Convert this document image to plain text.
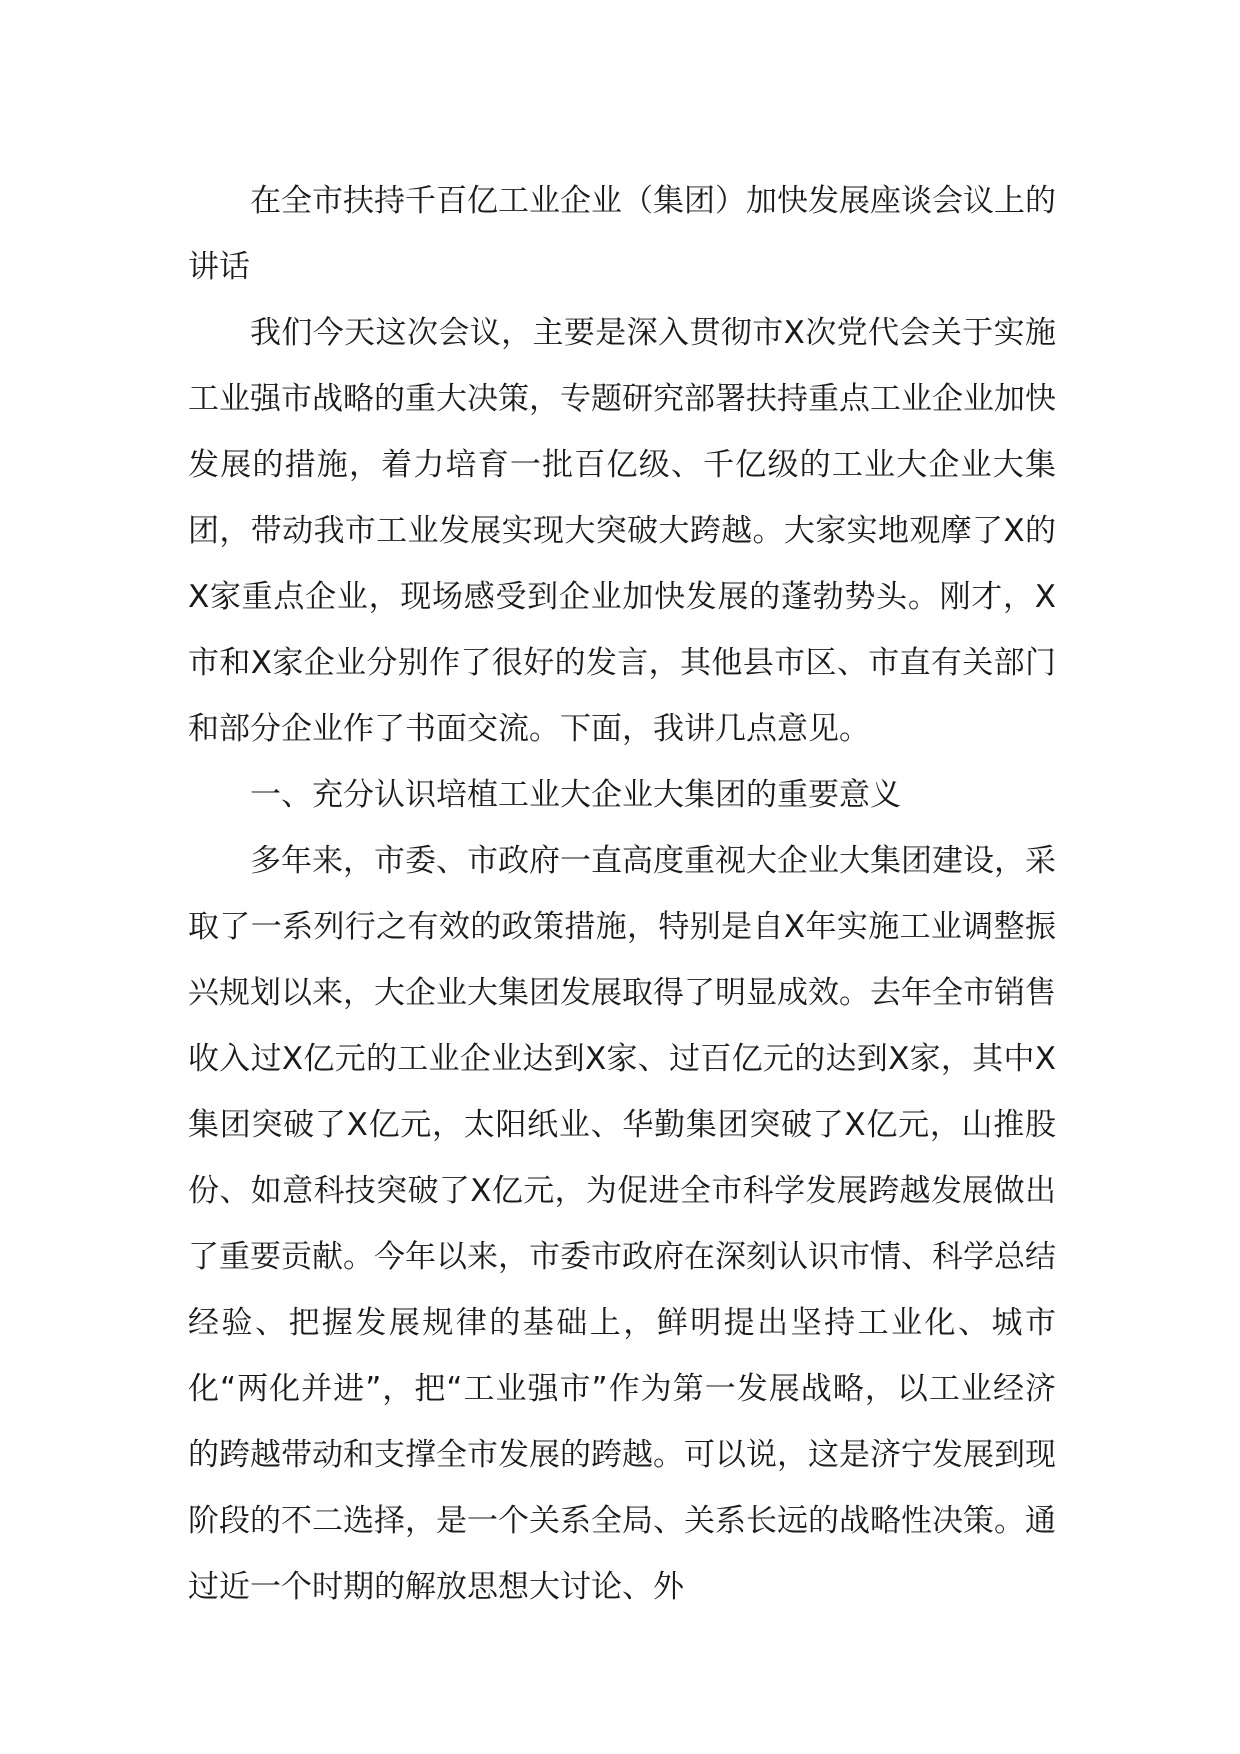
在全市扶持千百亿工业企业（集团）加快发展座谈会议上的讲话

我们今天这次会议，主要是深入贯彻市X次党代会关于实施工业强市战略的重大决策，专题研究部署扶持重点工业企业加快发展的措施，着力培育一批百亿级、千亿级的工业大企业大集团，带动我市工业发展实现大突破大跨越。大家实地观摩了X的X家重点企业，现场感受到企业加快发展的蓬勃势头。刚才，X市和X家企业分别作了很好的发言，其他县市区、市直有关部门和部分企业作了书面交流。下面，我讲几点意见。

一、充分认识培植工业大企业大集团的重要意义

多年来，市委、市政府一直高度重视大企业大集团建设，采取了一系列行之有效的政策措施，特别是自X年实施工业调整振兴规划以来，大企业大集团发展取得了明显成效。去年全市销售收入过X亿元的工业企业达到X家、过百亿元的达到X家，其中X集团突破了X亿元，太阳纸业、华勤集团突破了X亿元，山推股份、如意科技突破了X亿元，为促进全市科学发展跨越发展做出了重要贡献。今年以来，市委市政府在深刻认识市情、科学总结经验、把握发展规律的基础上，鲜明提出坚持工业化、城市化“两化并进”，把“工业强市”作为第一发展战略，以工业经济的跨越带动和支撑全市发展的跨越。可以说，这是济宁发展到现阶段的不二选择，是一个关系全局、关系长远的战略性决策。通过近一个时期的解放思想大讨论、外
